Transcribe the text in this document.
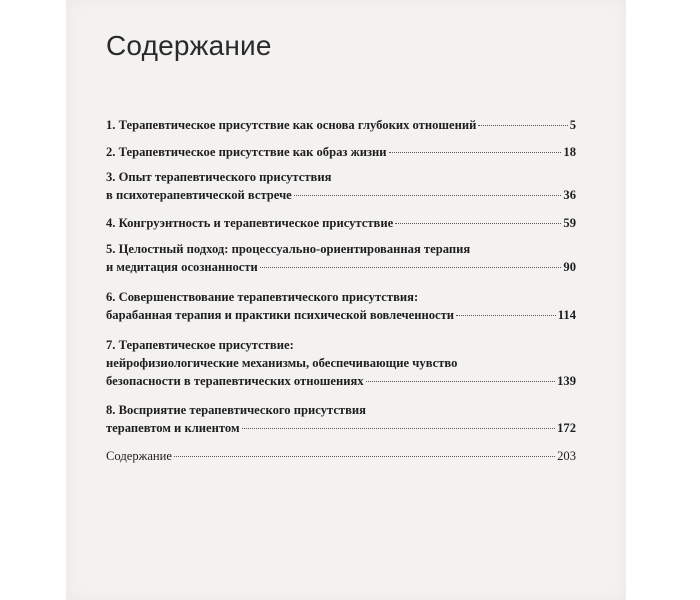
Содержание
1. Терапевтическое присутствие как основа глубоких отношений	5
2. Терапевтическое присутствие как образ жизни	18
3. Опыт терапевтического присутствия
в психотерапевтической встрече	36
4. Конгруэнтность и терапевтическое присутствие	59
5. Целостный подход: процессуально-ориентированная терапия
и медитация осознанности	90
6. Совершенствование терапевтического присутствия:
барабанная терапия и практики психической вовлеченности	114
7. Терапевтическое присутствие:
нейрофизиологические механизмы, обеспечивающие чувство
безопасности в терапевтических отношениях	139
8. Восприятие терапевтического присутствия
терапевтом и клиентом	172
Содержание	203
